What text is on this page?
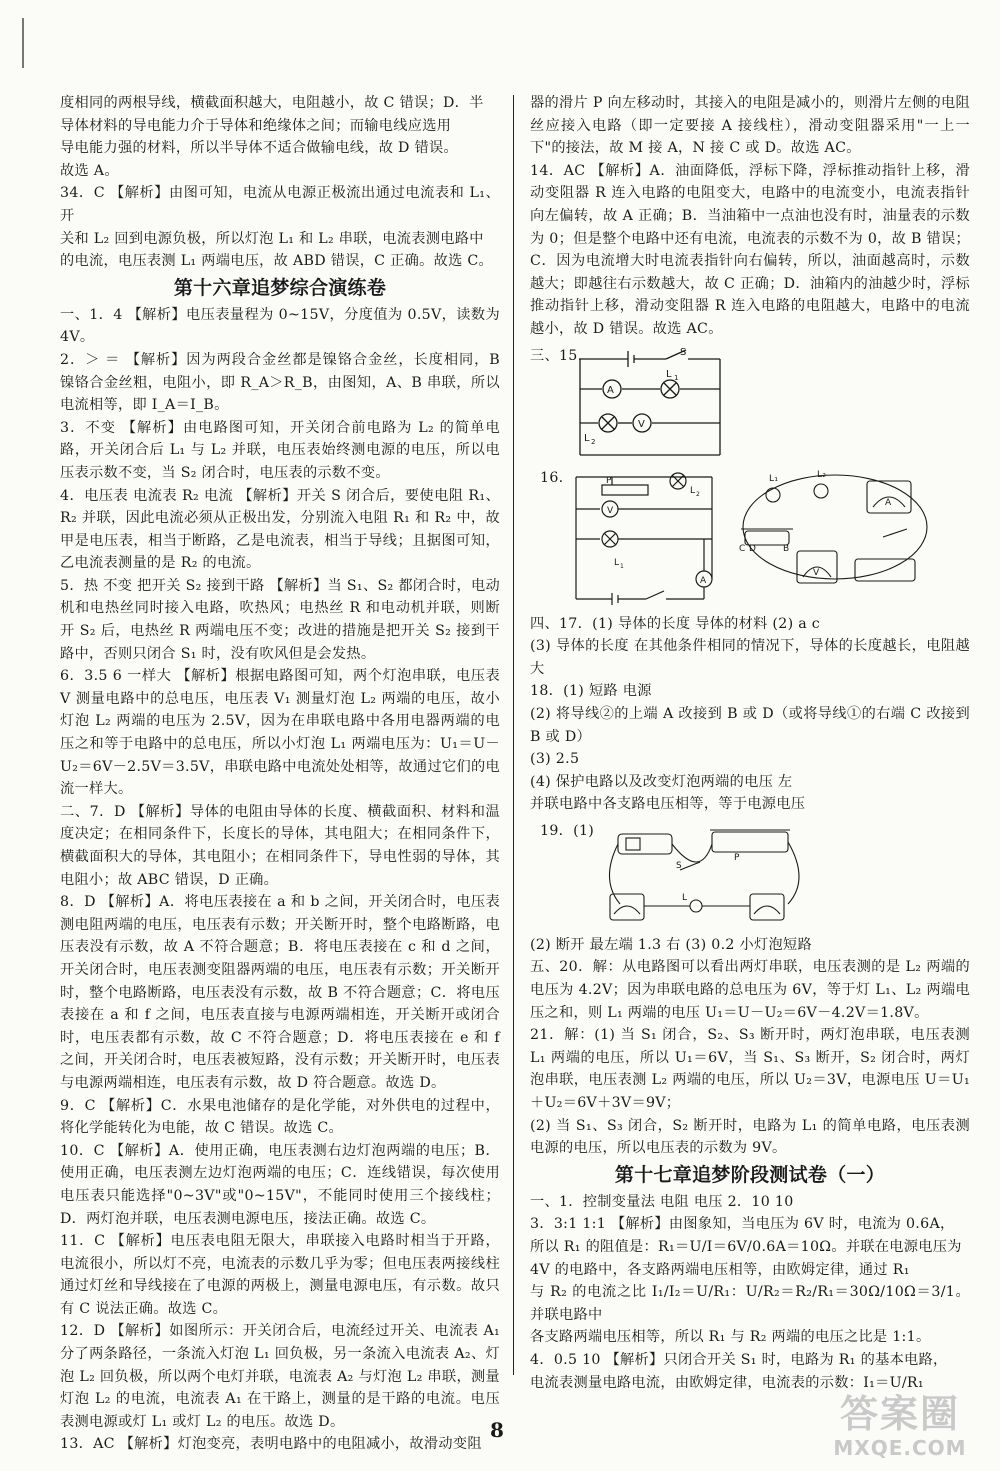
度相同的两根导线，横截面积越大，电阻越小，故 C 错误；D．半

导体材料的导电能力介于导体和绝缘体之间；而输电线应选用

导电能力强的材料，所以半导体不适合做输电线，故 D 错误。

故选 A。

34．C 【解析】由图可知，电流从电源正极流出通过电流表和 L₁、开

关和 L₂ 回到电源负极，所以灯泡 L₁ 和 L₂ 串联，电流表测电路中

的电流，电压表测 L₁ 两端电压，故 ABD 错误，C 正确。故选 C。

第十六章追梦综合演练卷

一、1．4 【解析】电压表量程为 0~15V，分度值为 0.5V，读数为 4V。

2．＞ ＝ 【解析】因为两段合金丝都是镍铬合金丝，长度相同，B 镍铬合金丝粗，电阻小，即 R_A＞R_B，由图知，A、B 串联，所以电流相等，即 I_A＝I_B。

3．不变 【解析】由电路图可知，开关闭合前电路为 L₂ 的简单电路，开关闭合后 L₁ 与 L₂ 并联，电压表始终测电源的电压，所以电压表示数不变，当 S₂ 闭合时，电压表的示数不变。

4．电压表 电流表 R₂ 电流 【解析】开关 S 闭合后，要使电阻 R₁、R₂ 并联，因此电流必须从正极出发，分别流入电阻 R₁ 和 R₂ 中，故甲是电压表，相当于断路，乙是电流表，相当于导线；且据图可知，乙电流表测量的是 R₂ 的电流。

5．热 不变 把开关 S₂ 接到干路 【解析】当 S₁、S₂ 都闭合时，电动机和电热丝同时接入电路，吹热风；电热丝 R 和电动机并联，则断开 S₂ 后，电热丝 R 两端电压不变；改进的措施是把开关 S₂ 接到干路中，否则只闭合 S₁ 时，没有吹风但是会发热。

6．3.5 6 一样大 【解析】根据电路图可知，两个灯泡串联，电压表 V 测量电路中的总电压，电压表 V₁ 测量灯泡 L₂ 两端的电压，故小灯泡 L₂ 两端的电压为 2.5V，因为在串联电路中各用电器两端的电压之和等于电路中的总电压，所以小灯泡 L₁ 两端电压为：U₁＝U－U₂＝6V－2.5V＝3.5V，串联电路中电流处处相等，故通过它们的电流一样大。

二、7．D 【解析】导体的电阻由导体的长度、横截面积、材料和温度决定；在相同条件下，长度长的导体，其电阻大；在相同条件下，横截面积大的导体，其电阻小；在相同条件下，导电性弱的导体，其电阻小；故 ABC 错误，D 正确。

8．D 【解析】A．将电压表接在 a 和 b 之间，开关闭合时，电压表测电阻两端的电压，电压表有示数；开关断开时，整个电路断路，电压表没有示数，故 A 不符合题意；B．将电压表接在 c 和 d 之间，开关闭合时，电压表测变阻器两端的电压，电压表有示数；开关断开时，整个电路断路，电压表没有示数，故 B 不符合题意；C．将电压表接在 a 和 f 之间，电压表直接与电源两端相连，开关断开或闭合时，电压表都有示数，故 C 不符合题意；D．将电压表接在 e 和 f 之间，开关闭合时，电压表被短路，没有示数；开关断开时，电压表与电源两端相连，电压表有示数，故 D 符合题意。故选 D。

9．C 【解析】C．水果电池储存的是化学能，对外供电的过程中，将化学能转化为电能，故 C 错误。故选 C。

10．C 【解析】A．使用正确，电压表测右边灯泡两端的电压；B．使用正确，电压表测左边灯泡两端的电压；C．连线错误，每次使用电压表只能选择"0~3V"或"0~15V"，不能同时使用三个接线柱；D．两灯泡并联，电压表测电源电压，接法正确。故选 C。

11．C 【解析】电压表电阻无限大，串联接入电路时相当于开路，电流很小，所以灯不亮，电流表的示数几乎为零；但电压表两接线柱通过灯丝和导线接在了电源的两极上，测量电源电压，有示数。故只有 C 说法正确。故选 C。

12．D 【解析】如图所示：开关闭合后，电流经过开关、电流表 A₁ 分了两条路径，一条流入灯泡 L₁ 回负极，另一条流入电流表 A₂、灯泡 L₂ 回负极，所以两个电灯并联，电流表 A₂ 与灯泡 L₂ 串联，测量灯泡 L₂ 的电流，电流表 A₁ 在干路上，测量的是干路的电流。电压表测电源或灯 L₁ 或灯 L₂ 的电压。故选 D。

13．AC 【解析】灯泡变亮，表明电路中的电阻减小，故滑动变阻

器的滑片 P 向左移动时，其接入的电阻是减小的，则滑片左侧的电阻丝应接入电路（即一定要接 A 接线柱），滑动变阻器采用"一上一下"的接法，故 M 接 A，N 接 C 或 D。故选 AC。

14．AC 【解析】A．油面降低，浮标下降，浮标推动指针上移，滑动变阻器 R 连入电路的电阻变大，电路中的电流变小，电流表指针向左偏转，故 A 正确；B．当油箱中一点油也没有时，油量表的示数为 0；但是整个电路中还有电流，电流表的示数不为 0，故 B 错误；C．因为电流增大时电流表指针向右偏转，所以，油面越高时，示数越大；即越往右示数越大，故 C 正确；D．油箱内的油越少时，浮标推动指针上移，滑动变阻器 R 连入电路的电阻越大，电路中的电流越小，故 D 错误。故选 AC。

三、15.
A
V
S
L 1
L 2
16.	P
V
A
L 2
L 1
L₁	L₂
A
V
C D	B

四、17．(1) 导体的长度 导体的材料 (2) a c

(3) 导体的长度 在其他条件相同的情况下，导体的长度越长，电阻越大

18．(1) 短路 电源

(2) 将导线②的上端 A 改接到 B 或 D（或将导线①的右端 C 改接到 B 或 D）

(3) 2.5

(4) 保护电路以及改变灯泡两端的电压 左

并联电路中各支路电压相等，等于电源电压

19．(1)
S
P
L

(2) 断开 最左端 1.3 右 (3) 0.2 小灯泡短路

五、20．解：从电路图可以看出两灯串联，电压表测的是 L₂ 两端的电压为 4.2V；因为串联电路的总电压为 6V，等于灯 L₁、L₂ 两端电压之和，则 L₁ 两端的电压 U₁＝U－U₂＝6V－4.2V＝1.8V。

21．解：(1) 当 S₁ 闭合，S₂、S₃ 断开时，两灯泡串联，电压表测 L₁ 两端的电压，所以 U₁＝6V，当 S₁、S₃ 断开，S₂ 闭合时，两灯泡串联，电压表测 L₂ 两端的电压，所以 U₂＝3V，电源电压 U＝U₁＋U₂＝6V＋3V＝9V；

(2) 当 S₁、S₃ 闭合，S₂ 断开时，电路为 L₁ 的简单电路，电压表测电源的电压，所以电压表的示数为 9V。

第十七章追梦阶段测试卷（一）

一、1．控制变量法 电阻 电压 2．10 10

3．3:1 1:1 【解析】由图象知，当电压为 6V 时，电流为 0.6A，

所以 R₁ 的阻值是：R₁＝U/I＝6V/0.6A＝10Ω。并联在电源电压为

4V 的电路中，各支路两端电压相等，由欧姆定律，通过 R₁

与 R₂ 的电流之比 I₁/I₂＝U/R₁：U/R₂＝R₂/R₁＝30Ω/10Ω＝3/1。并联电路中

各支路两端电压相等，所以 R₁ 与 R₂ 两端的电压之比是 1:1。

4．0.5 10 【解析】只闭合开关 S₁ 时，电路为 R₁ 的基本电路，

电流表测量电路电流，由欧姆定律，电流表的示数：I₁＝U/R₁

8	答案圈
MXQE.COM
